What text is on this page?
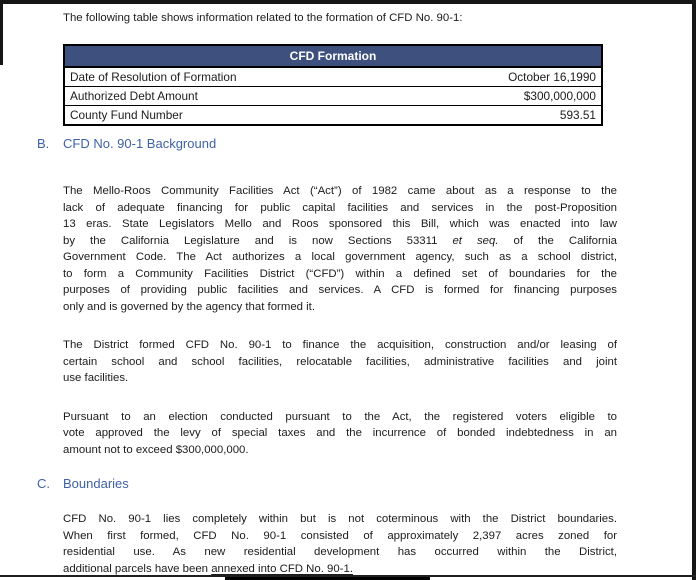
The following table shows information related to the formation of CFD No. 90-1:

CFD Formation	
Date of Resolution of Formation	October 16,1990
Authorized Debt Amount	$300,000,000
County Fund Number	593.51
B.	CFD No. 90-1 Background
The Mello-Roos Community Facilities Act (“Act”) of 1982 came about as a response to the
lack of adequate financing for public capital facilities and services in the post-Proposition
13 eras. State Legislators Mello and Roos sponsored this Bill, which was enacted into law
by the California Legislature and is now Sections 53311 et seq. of the California
Government Code. The Act authorizes a local government agency, such as a school district,
to form a Community Facilities District (“CFD”) within a defined set of boundaries for the
purposes of providing public facilities and services. A CFD is formed for financing purposes
only and is governed by the agency that formed it.
The District formed CFD No. 90-1 to finance the acquisition, construction and/or leasing of
certain school and school facilities, relocatable facilities, administrative facilities and joint
use facilities.
Pursuant to an election conducted pursuant to the Act, the registered voters eligible to
vote approved the levy of special taxes and the incurrence of bonded indebtedness in an
amount not to exceed $300,000,000.
C.	Boundaries
CFD No. 90-1 lies completely within but is not coterminous with the District boundaries.
When first formed, CFD No. 90-1 consisted of approximately 2,397 acres zoned for
residential use. As new residential development has occurred within the District,
additional parcels have been annexed into CFD No. 90-1.
